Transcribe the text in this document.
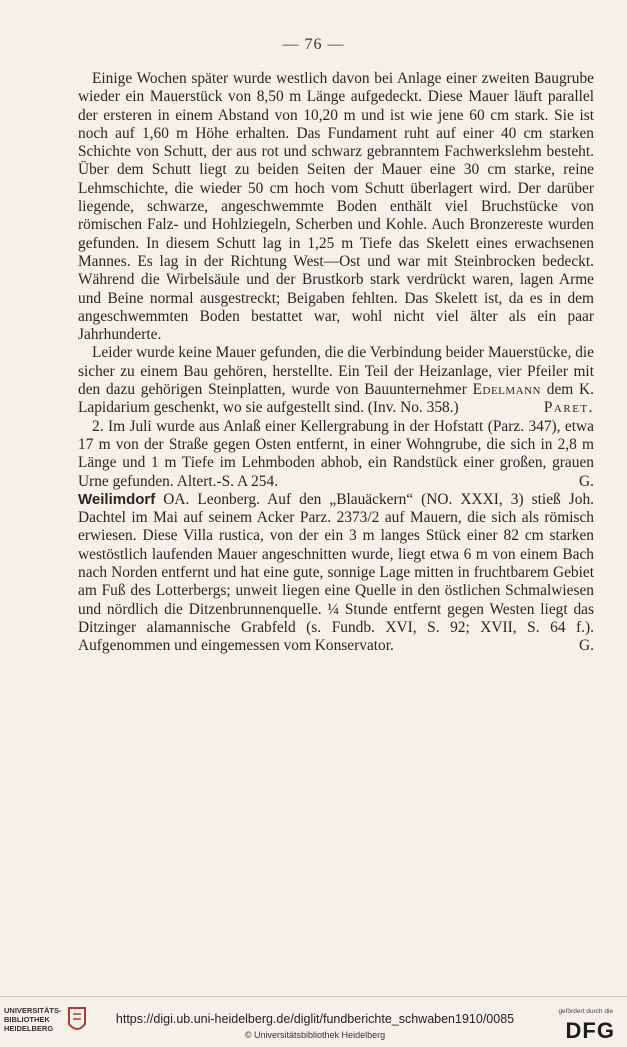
— 76 —

Einige Wochen später wurde westlich davon bei Anlage einer zweiten Baugrube wieder ein Mauerstück von 8,50 m Länge aufgedeckt. Diese Mauer läuft parallel der ersteren in einem Abstand von 10,20 m und ist wie jene 60 cm stark. Sie ist noch auf 1,60 m Höhe erhalten. Das Fundament ruht auf einer 40 cm starken Schichte von Schutt, der aus rot und schwarz gebranntem Fachwerkslehm besteht. Über dem Schutt liegt zu beiden Seiten der Mauer eine 30 cm starke, reine Lehmschichte, die wieder 50 cm hoch vom Schutt überlagert wird. Der darüber liegende, schwarze, angeschwemmte Boden enthält viel Bruchstücke von römischen Falz- und Hohlziegeln, Scherben und Kohle. Auch Bronzereste wurden gefunden. In diesem Schutt lag in 1,25 m Tiefe das Skelett eines erwachsenen Mannes. Es lag in der Richtung West—Ost und war mit Steinbrocken bedeckt. Während die Wirbelsäule und der Brustkorb stark verdrückt waren, lagen Arme und Beine normal ausgestreckt; Beigaben fehlten. Das Skelett ist, da es in dem angeschwemmten Boden bestattet war, wohl nicht viel älter als ein paar Jahrhunderte.

Leider wurde keine Mauer gefunden, die die Verbindung beider Mauerstücke, die sicher zu einem Bau gehören, herstellte. Ein Teil der Heizanlage, vier Pfeiler mit den dazu gehörigen Steinplatten, wurde von Bauunternehmer Edelmann dem K. Lapidarium geschenkt, wo sie aufgestellt sind. (Inv. No. 358.)	Paret.

2. Im Juli wurde aus Anlaß einer Kellergrabung in der Hofstatt (Parz. 347), etwa 17 m von der Straße gegen Osten entfernt, in einer Wohngrube, die sich in 2,8 m Länge und 1 m Tiefe im Lehmboden abhob, ein Randstück einer großen, grauen Urne gefunden. Altert.-S. A 254.	G.

Weilimdorf OA. Leonberg. Auf den „Blauäckern“ (NO. XXXI, 3) stieß Joh. Dachtel im Mai auf seinem Acker Parz. 2373/2 auf Mauern, die sich als römisch erwiesen. Diese Villa rustica, von der ein 3 m langes Stück einer 82 cm starken westöstlich laufenden Mauer angeschnitten wurde, liegt etwa 6 m von einem Bach nach Norden entfernt und hat eine gute, sonnige Lage mitten in fruchtbarem Gebiet am Fuß des Lotterbergs; unweit liegen eine Quelle in den östlichen Schmalwiesen und nördlich die Ditzenbrunnenquelle. ¼ Stunde entfernt gegen Westen liegt das Ditzinger alamannische Grabfeld (s. Fundb. XVI, S. 92; XVII, S. 64 f.). Aufgenommen und eingemessen vom Konservator.	G.

UNIVERSITÄTS-
BIBLIOTHEK
HEIDELBERG
https://digi.ub.uni-heidelberg.de/diglit/fundberichte_schwaben1910/0085
© Universitätsbibliothek Heidelberg
gefördert durch die
DFG
